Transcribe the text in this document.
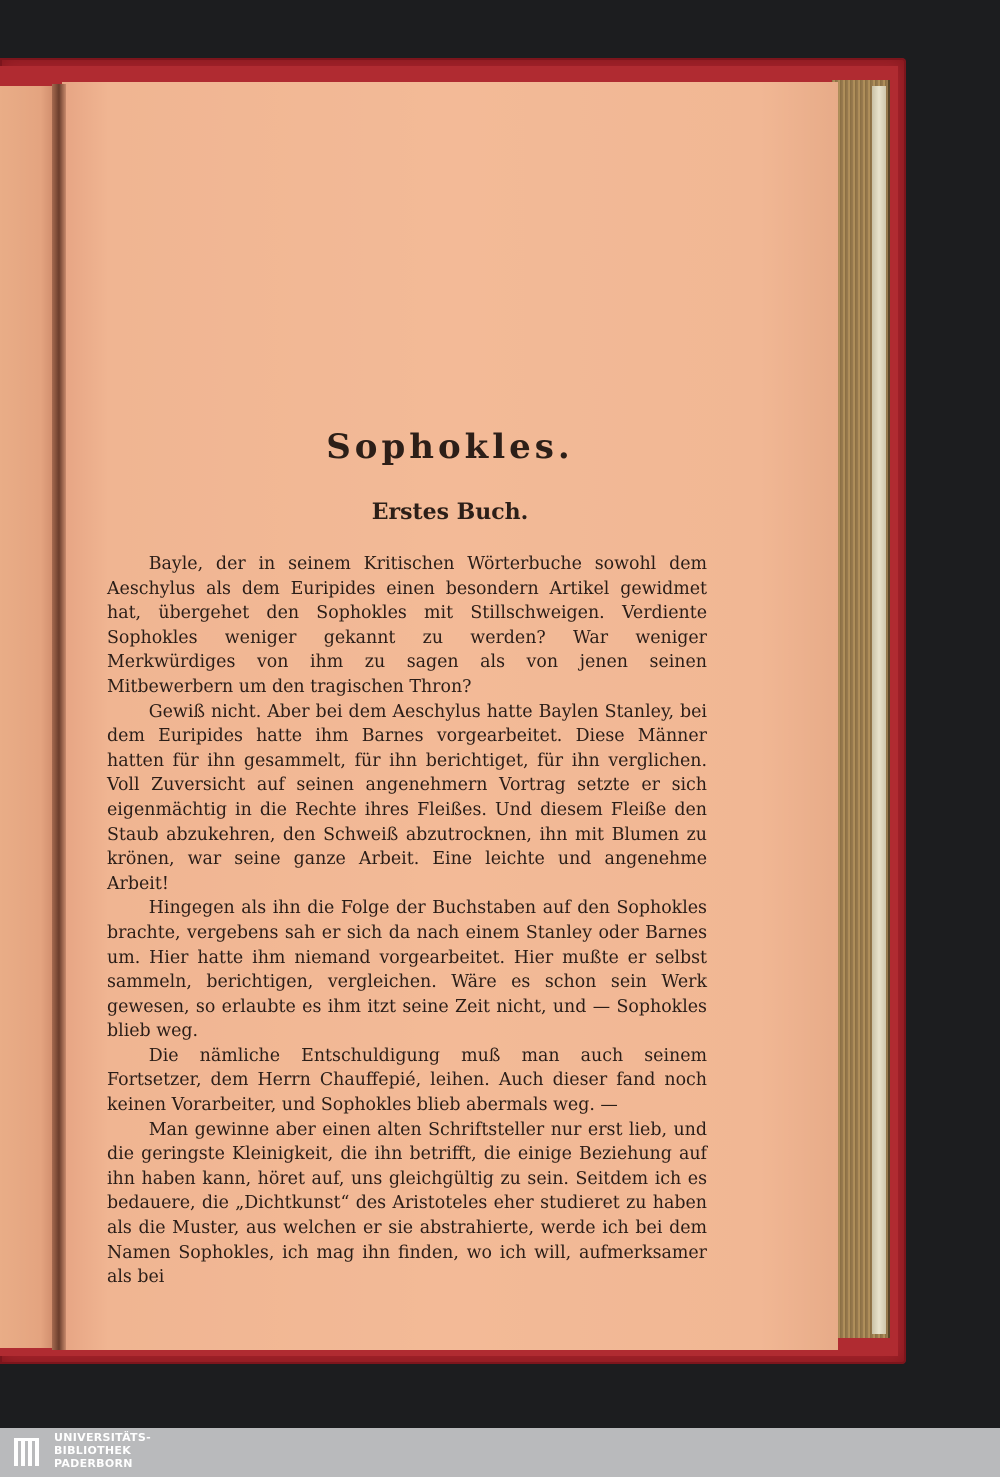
Sophokles.
Erstes Buch.

Bayle, der in seinem Kritischen Wörterbuche sowohl dem Aeschylus als dem Euripides einen besondern Artikel gewidmet hat, übergehet den Sophokles mit Stillschweigen. Verdiente Sophokles weniger gekannt zu werden? War weniger Merkwürdiges von ihm zu sagen als von jenen seinen Mitbewerbern um den tragischen Thron?

Gewiß nicht. Aber bei dem Aeschylus hatte Baylen Stanley, bei dem Euripides hatte ihm Barnes vorgearbeitet. Diese Männer hatten für ihn gesammelt, für ihn berichtiget, für ihn verglichen. Voll Zuversicht auf seinen angenehmern Vortrag setzte er sich eigenmächtig in die Rechte ihres Fleißes. Und diesem Fleiße den Staub abzukehren, den Schweiß abzutrocknen, ihn mit Blumen zu krönen, war seine ganze Arbeit. Eine leichte und angenehme Arbeit!

Hingegen als ihn die Folge der Buchstaben auf den Sophokles brachte, vergebens sah er sich da nach einem Stanley oder Barnes um. Hier hatte ihm niemand vorgearbeitet. Hier mußte er selbst sammeln, berichtigen, vergleichen. Wäre es schon sein Werk gewesen, so erlaubte es ihm itzt seine Zeit nicht, und — Sophokles blieb weg.

Die nämliche Entschuldigung muß man auch seinem Fortsetzer, dem Herrn Chauffepié, leihen. Auch dieser fand noch keinen Vorarbeiter, und Sophokles blieb abermals weg. —

Man gewinne aber einen alten Schriftsteller nur erst lieb, und die geringste Kleinigkeit, die ihn betrifft, die einige Beziehung auf ihn haben kann, höret auf, uns gleichgültig zu sein. Seitdem ich es bedauere, die „Dichtkunst“ des Aristoteles eher studieret zu haben als die Muster, aus welchen er sie abstrahierte, werde ich bei dem Namen Sophokles, ich mag ihn finden, wo ich will, aufmerksamer als bei

UNIVERSITÄTS-
BIBLIOTHEK
PADERBORN
